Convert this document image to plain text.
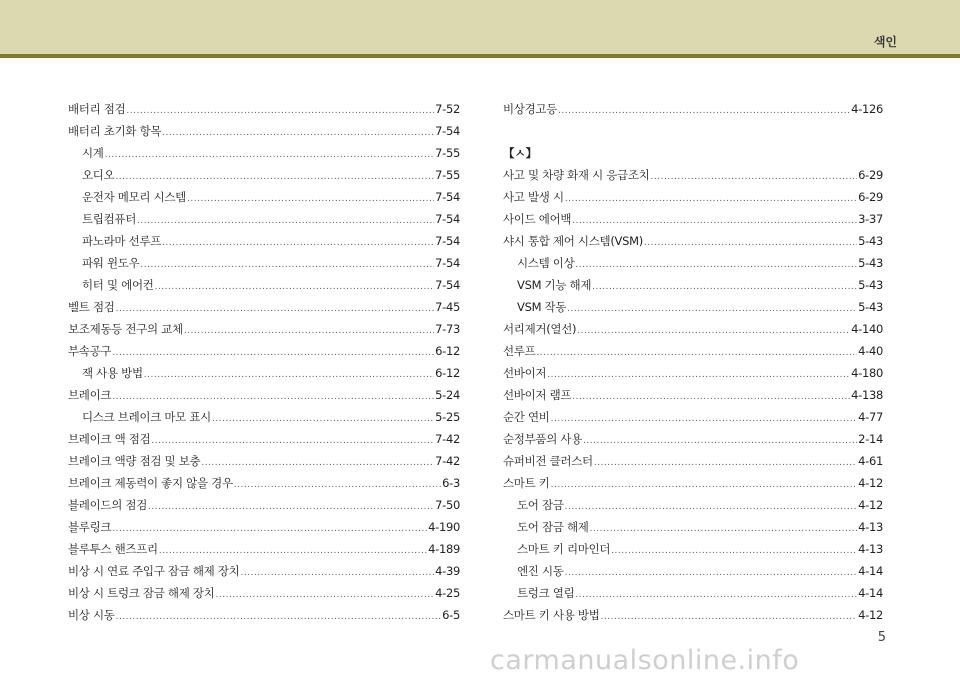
색인
배터리 점검 .....	7-52
배터리 초기화 항목 .....	7-54
시계 .....	7-55
오디오 .....	7-55
운전자 메모리 시스템 .....	7-54
트립컴퓨터 .....	7-54
파노라마 선루프 .....	7-54
파워 윈도우 .....	7-54
히터 및 에어컨 .....	7-54
벨트 점검 .....	7-45
보조제동등 전구의 교체 .....	7-73
부속공구 .....	6-12
잭 사용 방법 .....	6-12
브레이크 .....	5-24
디스크 브레이크 마모 표시 .....	5-25
브레이크 액 점검 .....	7-42
브레이크 액량 점검 및 보충 .....	7-42
브레이크 제동력이 좋지 않을 경우 .....	6-3
블레이드의 점검 .....	7-50
블루링크 .....	4-190
블루투스 핸즈프리 .....	4-189
비상 시 연료 주입구 잠금 해제 장치 .....	4-39
비상 시 트렁크 잠금 해제 장치 .....	4-25
비상 시동 .....	6-5
비상경고등 .....	4-126
【ㅅ】
사고 및 차량 화재 시 응급조치 .....	6-29
사고 발생 시 .....	6-29
사이드 에어백 .....	3-37
샤시 통합 제어 시스템(VSM) .....	5-43
시스템 이상 .....	5-43
VSM 기능 해제 .....	5-43
VSM 작동 .....	5-43
서리제거(열선) .....	4-140
선루프 .....	4-40
선바이저 .....	4-180
선바이저 램프 .....	4-138
순간 연비 .....	4-77
순정부품의 사용 .....	2-14
슈퍼비전 클러스터 .....	4-61
스마트 키 .....	4-12
도어 잠금 .....	4-12
도어 잠금 해제 .....	4-13
스마트 키 리마인더 .....	4-13
엔진 시동 .....	4-14
트렁크 열림 .....	4-14
스마트 키 사용 방법 .....	4-12
5
carmanualsonline.info
